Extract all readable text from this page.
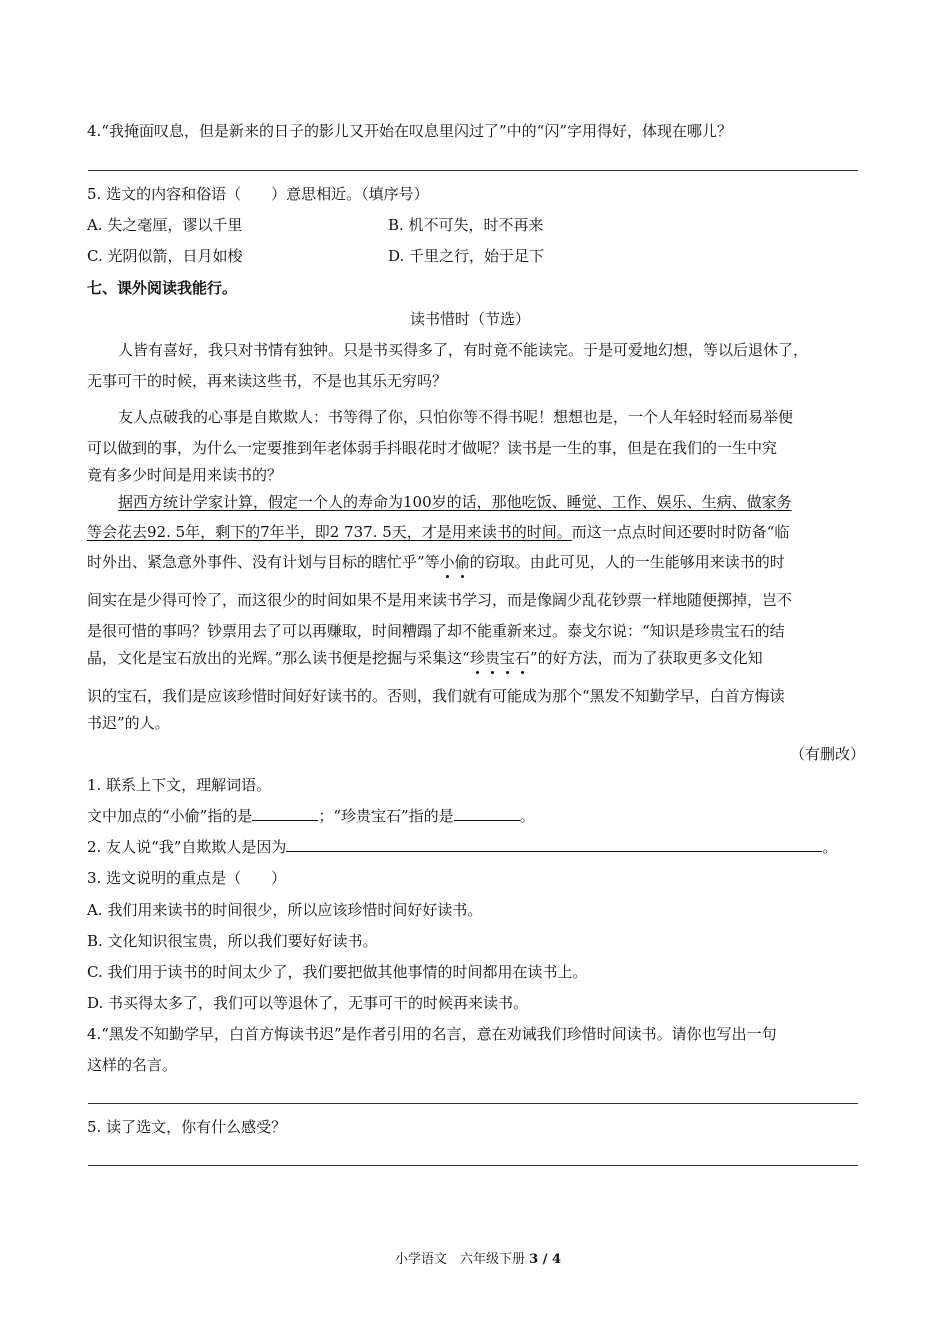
4.“我掩面叹息，但是新来的日子的影儿又开始在叹息里闪过了”中的“闪”字用得好，体现在哪儿？
5. 选文的内容和俗语（　　）意思相近。（填序号）
A. 失之毫厘，谬以千里	B. 机不可失，时不再来
C. 光阴似箭，日月如梭	D. 千里之行，始于足下
七、课外阅读我能行。
读书惜时（节选）
人皆有喜好，我只对书情有独钟。只是书买得多了，有时竟不能读完。于是可爱地幻想，等以后退休了，
无事可干的时候，再来读这些书，不是也其乐无穷吗？
友人点破我的心事是自欺欺人：书等得了你，只怕你等不得书呢！想想也是，一个人年轻时轻而易举便
可以做到的事，为什么一定要推到年老体弱手抖眼花时才做呢？读书是一生的事，但是在我们的一生中究
竟有多少时间是用来读书的？
据西方统计学家计算，假定一个人的寿命为100岁的话，那他吃饭、睡觉、工作、娱乐、生病、做家务
等会花去92. 5年，剩下的7年半，即2 737. 5天，才是用来读书的时间。而这一点点时间还要时时防备“临
时外出、紧急意外事件、没有计划与目标的瞎忙乎”等小偷的窃取。由此可见，人的一生能够用来读书的时
间实在是少得可怜了，而这很少的时间如果不是用来读书学习，而是像阔少乱花钞票一样地随便掷掉，岂不
是很可惜的事吗？钞票用去了可以再赚取，时间糟蹋了却不能重新来过。泰戈尔说：“知识是珍贵宝石的结
晶，文化是宝石放出的光辉。”那么读书便是挖掘与采集这“珍贵宝石”的好方法，而为了获取更多文化知
识的宝石，我们是应该珍惜时间好好读书的。否则，我们就有可能成为那个“黑发不知勤学早，白首方悔读
书迟”的人。
（有删改）
1. 联系上下文，理解词语。
文中加点的“小偷”指的是	；“珍贵宝石”指的是	。
2. 友人说“我”自欺欺人是因为	。
3. 选文说明的重点是（　　）
A. 我们用来读书的时间很少，所以应该珍惜时间好好读书。
B. 文化知识很宝贵，所以我们要好好读书。
C. 我们用于读书的时间太少了，我们要把做其他事情的时间都用在读书上。
D. 书买得太多了，我们可以等退休了，无事可干的时候再来读书。
4.“黑发不知勤学早，白首方悔读书迟”是作者引用的名言，意在劝诫我们珍惜时间读书。请你也写出一句
这样的名言。
5. 读了选文，你有什么感受？
小学语文　六年级下册 3 / 4
